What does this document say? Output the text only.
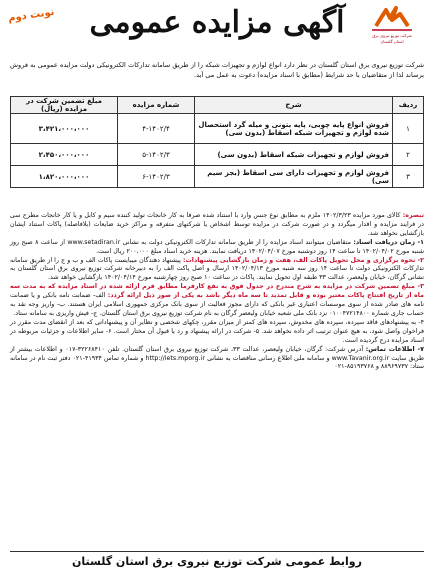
شرکت توزیع نیروی برق
استان گلستان
آگهی مزایده عمومی
نوبت دوم
شرکت توزیع نیروی برق استان گلستان در نظر دارد انواع لوازم و تجهیزات شبکه را از طریق سامانه تدارکات الکترونیکی دولت مزایده عمومی به فروش برساند لذا از متقاضیان با حد شرایط (مطابق با اسناد مزایده) دعوت به عمل می آید.
ردیف	شرح	شماره مزایده	مبلغ تضمین شرکت در مزایده (ریال)
۱	فروش انواع پایه چوبی، پایه بتونی و میله گرد استحصال شده لوازم و تجهیزات شبکه اسقاط (بدون سی)	۴-۱۴۰۲/۴	۳،۴۲۱،۰۰۰،۰۰۰
۲	فروش لوازم و تجهیزات شبکه اسقاط (بدون سی)	۵-۱۴۰۲/۳	۲،۴۵۰،۰۰۰،۰۰۰
۳	فروش لوازم و تجهیزات دارای سی اسقاط (بجز سیم سی)	۶-۱۴۰۲/۳	۱،۸۲۰،۰۰۰،۰۰۰

تبصره: کالای مورد مزایده ۱۴۰۲/۳/۲۳ ملزم به مطابق نوع جنس وارد با استناد شده صرفا به کار خانجات تولید کننده سیم و کابل و یا کار خانجات مطرح سی در فرایند مزایده و اقدار میگردد و در صورت شرکت در مزایده توسط اشخاص یا شرکتهای متفرقه و مراکز خرید ضایعات (بلافاصله) پاکات استناد ایشان بازگشایی نخواهد شد.

۱- زمان دریافت اسناد: متقاضیان میتوانند اسناد مزایده را از طریق سامانه تدارکات الکترونیکی دولت به نشانی www.setadiran.ir از ساعت ۸ صبح روز شنبه مورخ ۱۴۰۲/۰۴/۰۲ تا ساعت ۱۴ روز دوشنبه مورخ ۱۴۰۲/۰۴/۰۷ دریافت نمایند. هزینه خرید اسناد مبلغ ۲۰۰،۰۰۰ ریال است.

۲- نحوه برگزاری و محل تحویل پاکات الف، هفت و زمان بازگشایی پیشنهادات: پیشنهاد دهندگان میبایست پاکات الف و ب و ج را از طریق سامانه تدارکات الکترونیکی دولت تا ساعت ۱۴ روز سه شنبه مورخ ۱۴۰۲/۰۴/۱۳ ارسال و اصل پاکت الف را به دبیرخانه شرکت توزیع نیروی برق استان گلستان به نشانی گرگان، خیابان ولیعصر، عدالت ۳۳ طبقه اول تحویل نمایند. پاکات در ساعت ۱۰ صبح روز چهارشنبه مورخ ۱۴۰۲/۰۴/۱۴ بازگشایی خواهد شد.

۳- مبلغ تضمین شرکت در مزایده به شرح مندرج در جدول فوق به نفع کارفرما مطابق فرم ارائه شده در اسناد مزایده که به مدت سه ماه از تاریخ افتتاح پاکات معتبر بوده و قابل تمدید تا سه ماه دیگر باشد به یکی از صور ذیل ارائه گردد: الف- ضمانت نامه بانکی و یا ضمانت نامه های صادر شده از سوی موسسات اعتباری غیر بانکی که دارای مجوز فعالیت از سوی بانک مرکزی جمهوری اسلامی ایران هستند. ب- واریز وجه نقد به حساب جاری شماره ۰۱۰۰۴۷۲۱۴۸۰۰ نزد بانک ملی شعبه خیابان ولیعصر گرگان به نام شرکت توزیع نیروی برق استان گلستان. ج- فیش واریزی به سامانه ستاد.

۴- به پیشنهادهای فاقد سپرده، سپرده های مخدوش، سپرده های کمتر از میزان مقرر، چکهای شخصی و نظایر آن و پیشنهاداتی که بعد از انقضای مدت مقرر در فراخوان واصل شود، به هیچ عنوان ترتیب اثر داده نخواهد شد. ۵- شرکت در ارائه پیشنهاد و رد یا قبول آن مختار است. ۶- سایر اطلاعات و جزئیات مربوطه در اسناد مزایده درج گردیده است.

۷- اطلاعات تماس: آدرس شرکت: گرگان، خیابان ولیعصر، عدالت ۳۳، شرکت توزیع نیروی برق استان گلستان. تلفن ۳۲۲۶۸۴۱۰-۰۱۷ و اطلاعات بیشتر از طریق سایت www.Tavanir.org.ir و سامانه ملی اطلاع رسانی مناقصات به نشانی http://iets.mporg.ir و شماره تماس ۴۱۹۳۴-۰۲۱ دفتر ثبت نام در سامانه ستاد: ۸۸۹۶۹۷۳۷ و ۸۵۱۹۳۷۶۸-۰۲۱

روابط عمومی شرکت توزیع نیروی برق استان گلستان
